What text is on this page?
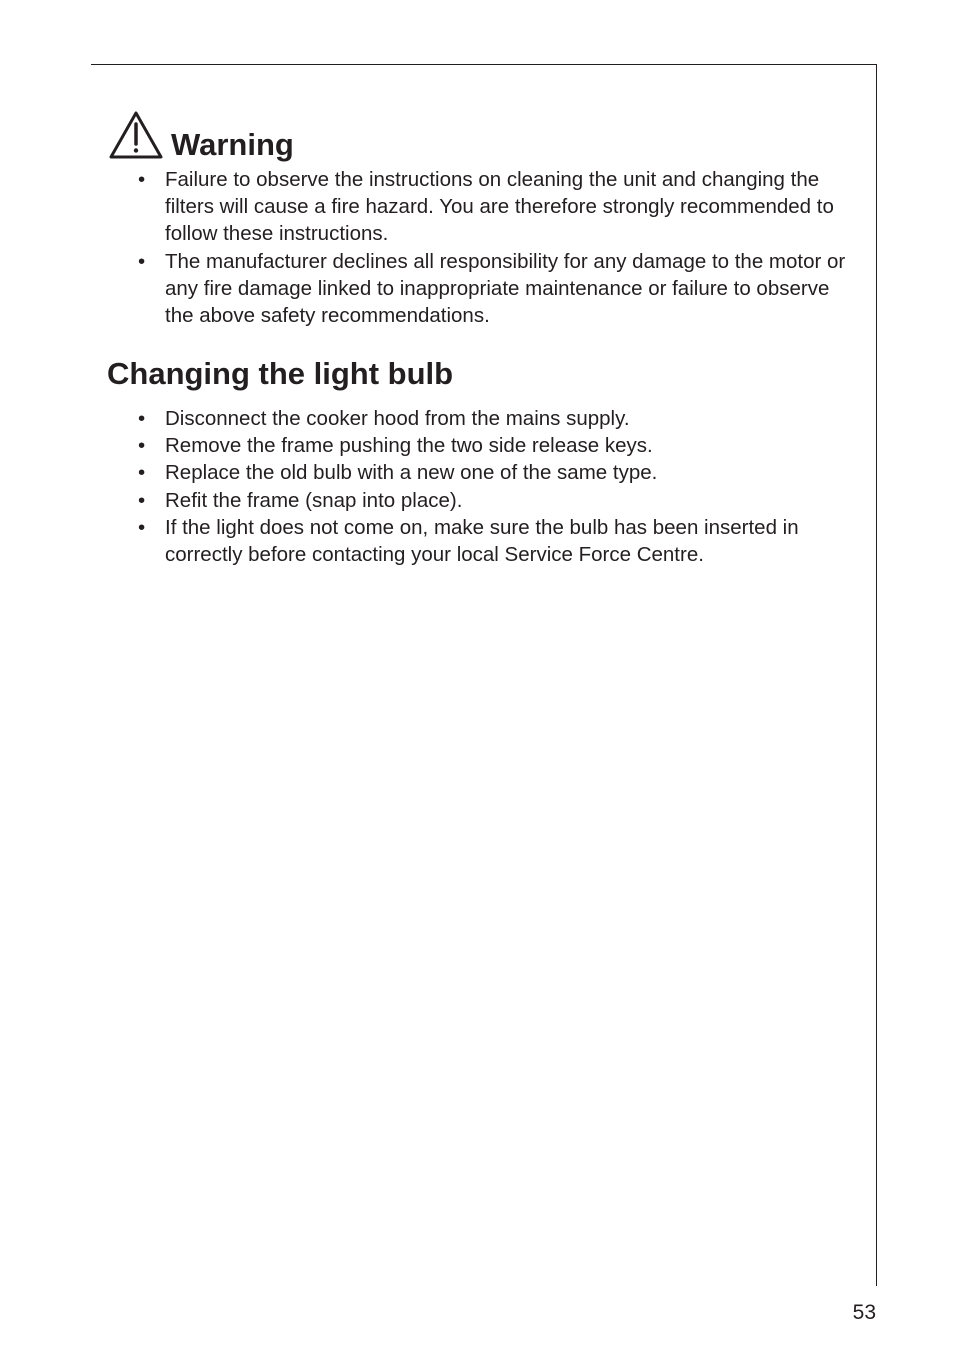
Warning
• Failure to observe the instructions on cleaning the unit and changing the filters will cause a fire hazard. You are therefore strongly recommended to follow these instructions.
• The manufacturer declines all responsibility for any damage to the motor or any fire damage linked to inappropriate maintenance or failure to observe the above safety recommendations.
Changing the light bulb
• Disconnect the cooker hood from the mains supply.
• Remove the frame pushing the two side release keys.
• Replace the old bulb with a new one of the same type.
• Refit the frame (snap into place).
• If the light does not come on, make sure the bulb has been inserted in correctly before contacting your local Service Force Centre.
53
